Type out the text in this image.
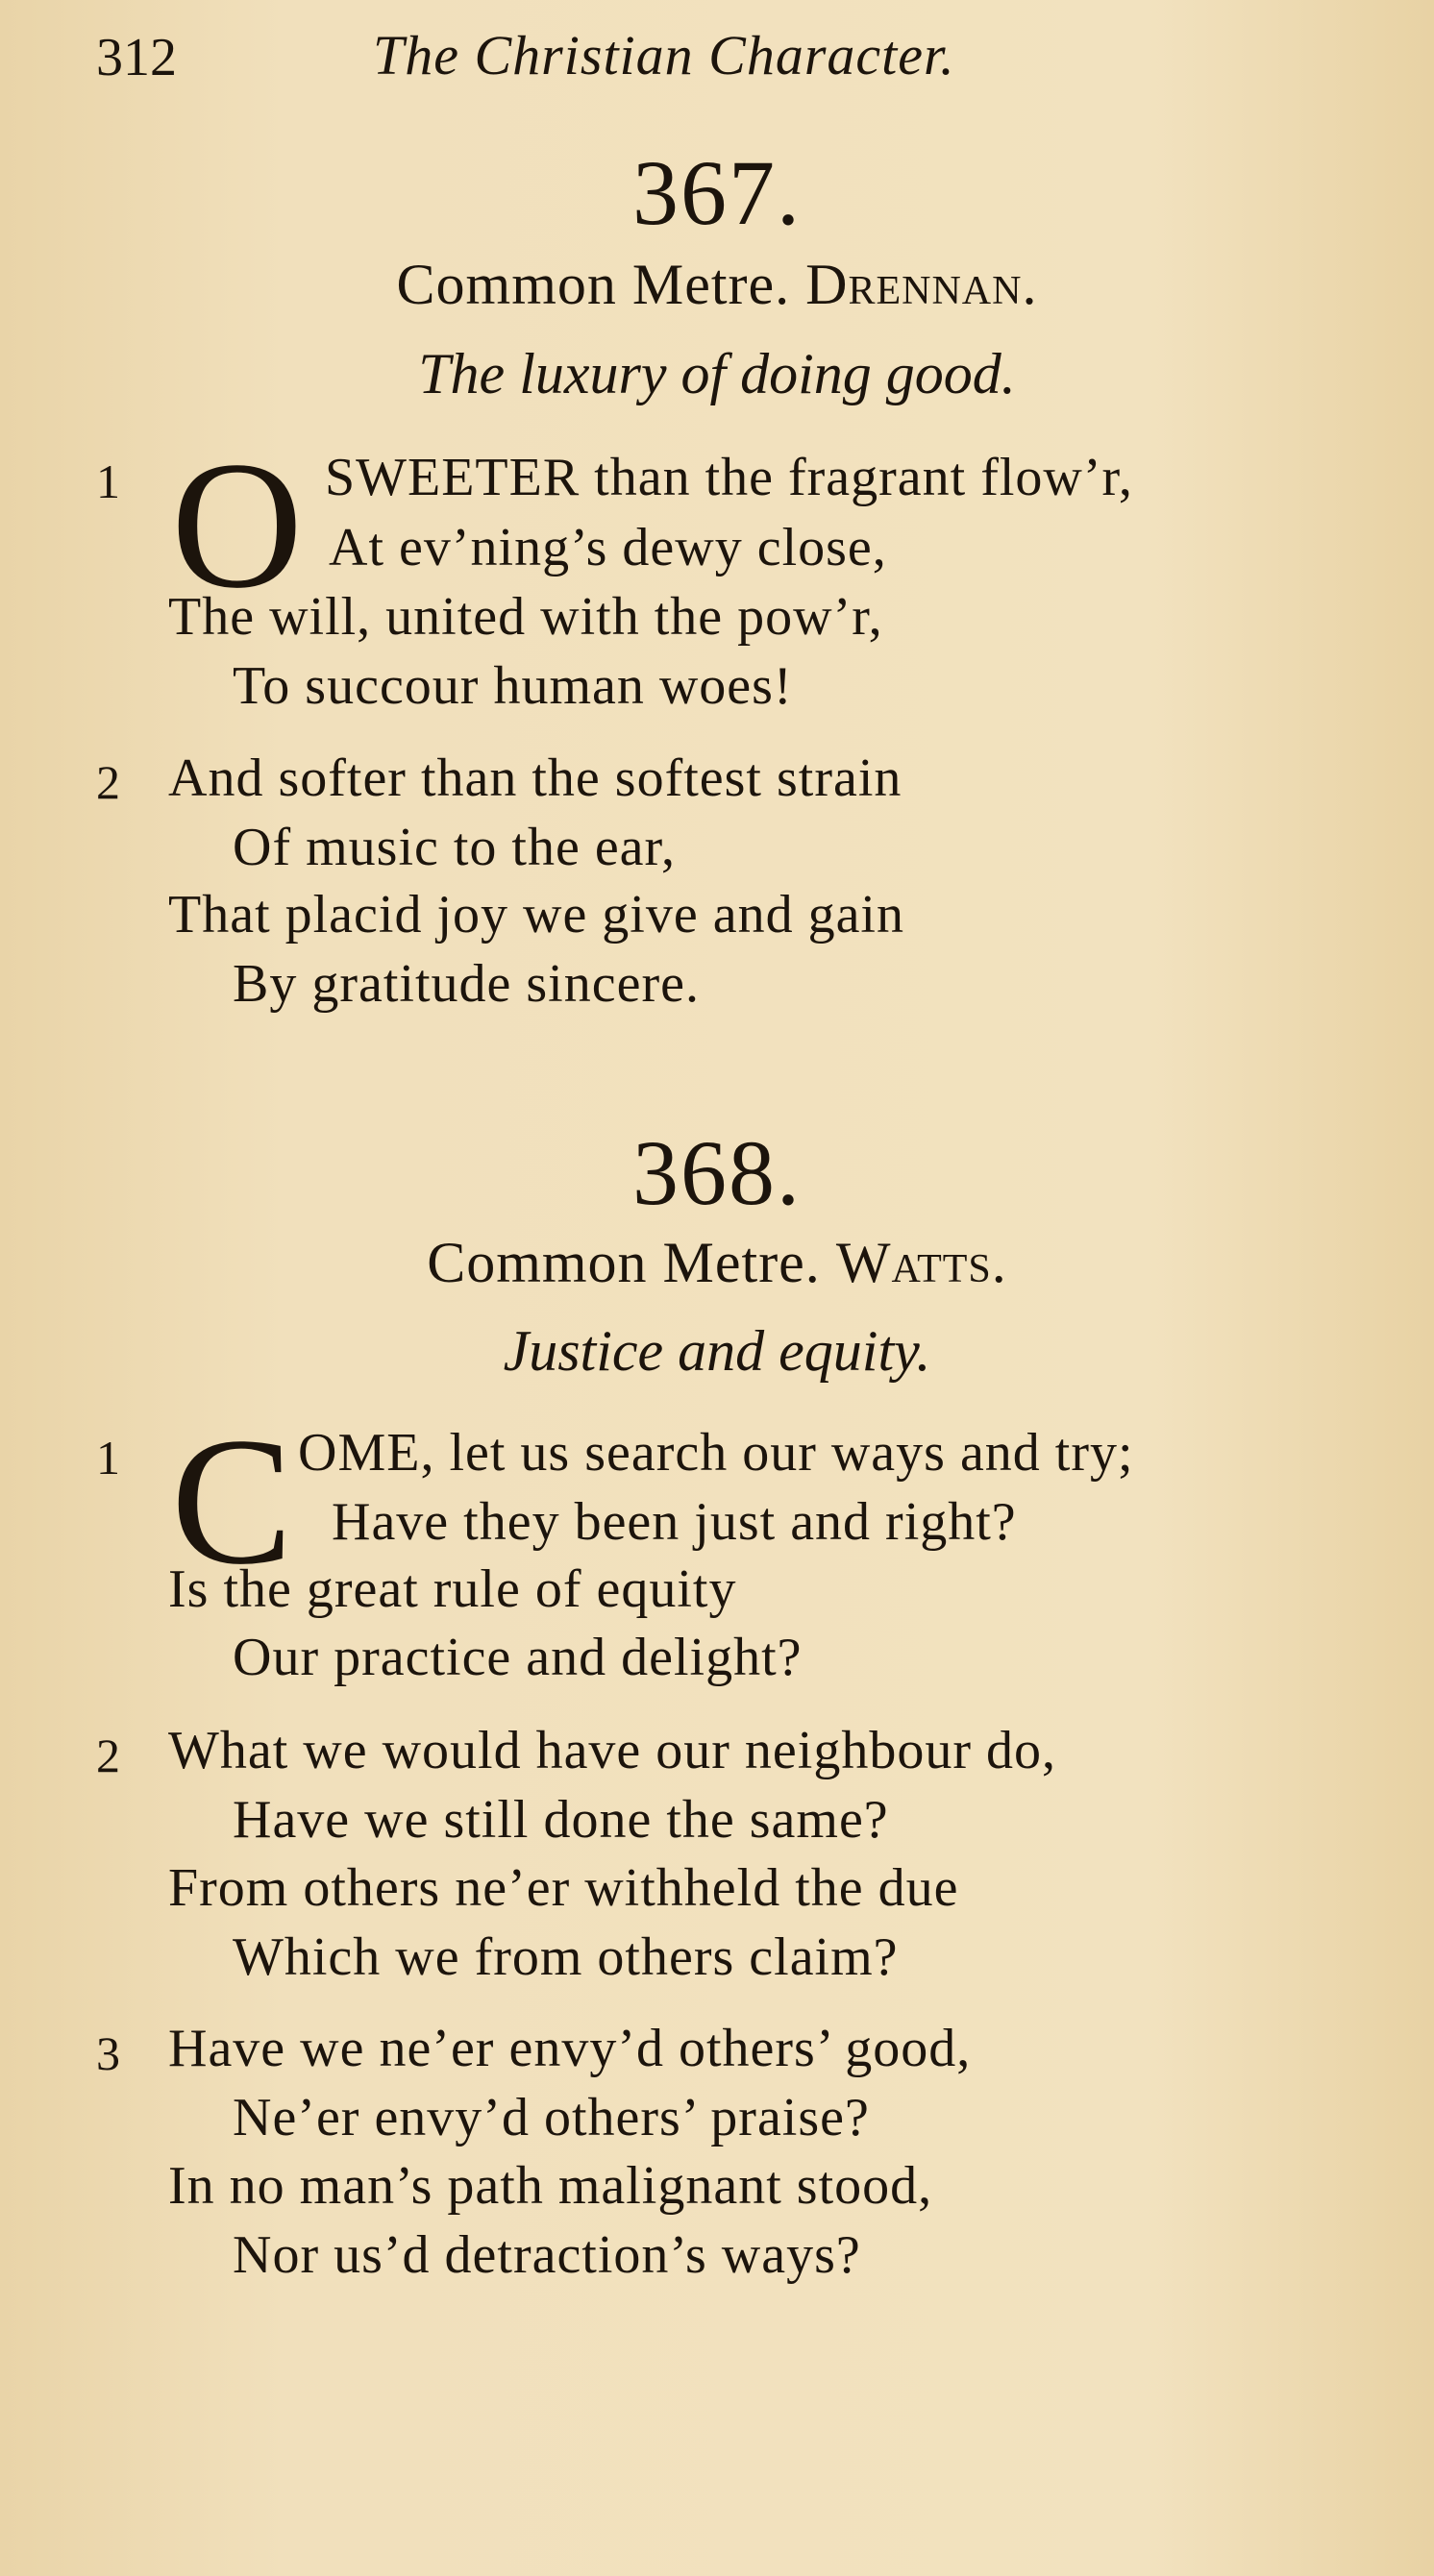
312	The Christian Character.
367.
Common Metre. Drennan.
The luxury of doing good.
1 O SWEETER than the fragrant flow’r,
At ev’ning’s dewy close,
The will, united with the pow’r,
To succour human woes!
2 And softer than the softest strain
Of music to the ear,
That placid joy we give and gain
By gratitude sincere.
368.
Common Metre. Watts.
Justice and equity.
1 C OME, let us search our ways and try;
Have they been just and right?
Is the great rule of equity
Our practice and delight?
2 What we would have our neighbour do,
Have we still done the same?
From others ne’er withheld the due
Which we from others claim?
3 Have we ne’er envy’d others’ good,
Ne’er envy’d others’ praise?
In no man’s path malignant stood,
Nor us’d detraction’s ways?
